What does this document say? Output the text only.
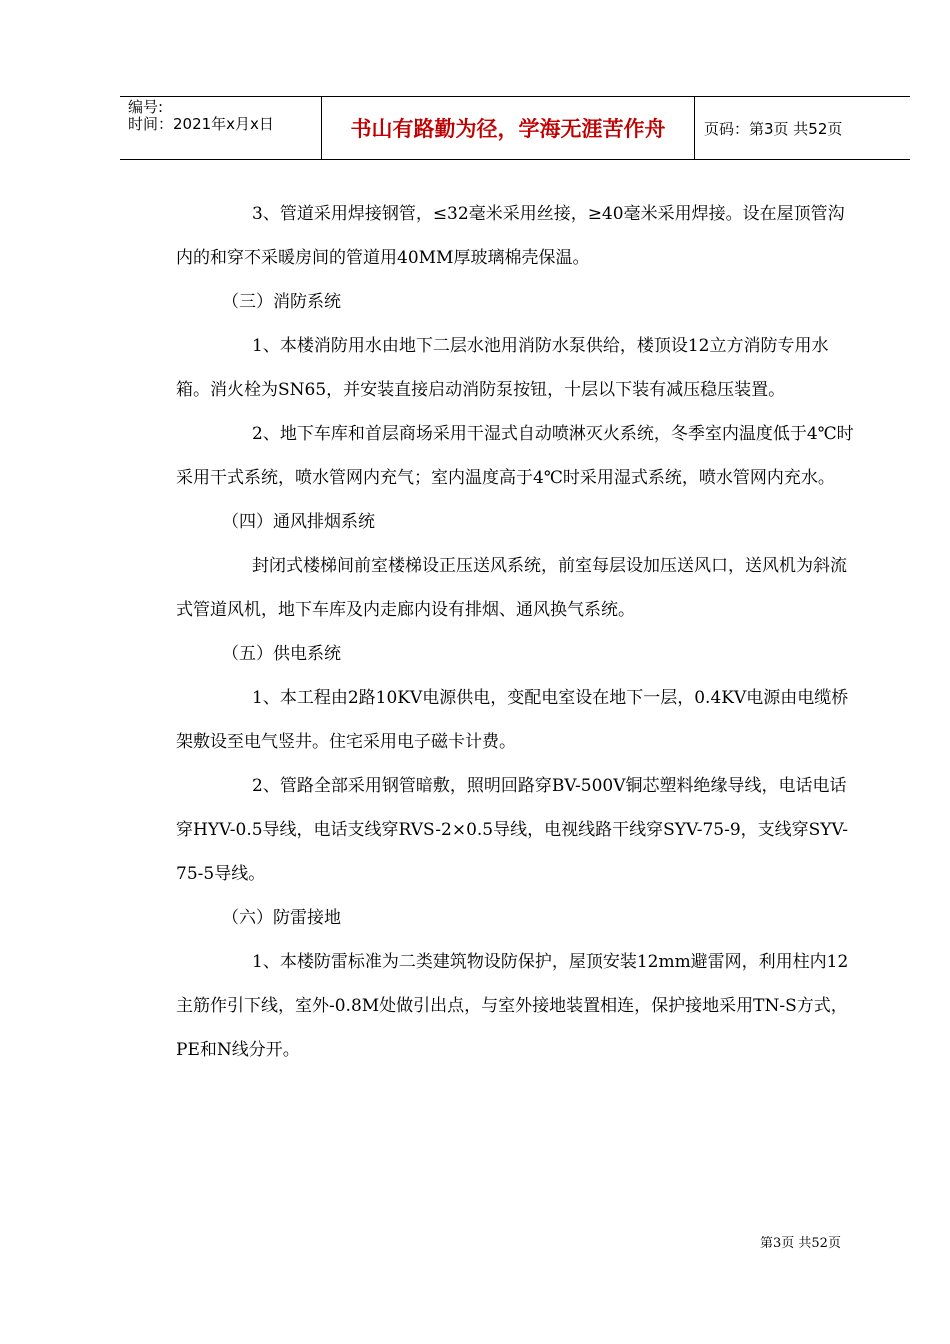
编号:
时间：2021年x月x日	书山有路勤为径，学海无涯苦作舟	页码：第3页 共52页

3、管道采用焊接钢管，≤32毫米采用丝接，≥40毫米采用焊接。设在屋顶管沟内的和穿不采暖房间的管道用40MM厚玻璃棉壳保温。

（三）消防系统

1、本楼消防用水由地下二层水池用消防水泵供给，楼顶设12立方消防专用水箱。消火栓为SN65，并安装直接启动消防泵按钮，十层以下装有减压稳压装置。

2、地下车库和首层商场采用干湿式自动喷淋灭火系统，冬季室内温度低于4℃时采用干式系统，喷水管网内充气；室内温度高于4℃时采用湿式系统，喷水管网内充水。

（四）通风排烟系统

封闭式楼梯间前室楼梯设正压送风系统，前室每层设加压送风口，送风机为斜流式管道风机，地下车库及内走廊内设有排烟、通风换气系统。

（五）供电系统

1、本工程由2路10KV电源供电，变配电室设在地下一层，0.4KV电源由电缆桥架敷设至电气竖井。住宅采用电子磁卡计费。

2、管路全部采用钢管暗敷，照明回路穿BV-500V铜芯塑料绝缘导线，电话电话穿HYV-0.5导线，电话支线穿RVS-2×0.5导线，电视线路干线穿SYV-75-9，支线穿SYV-75-5导线。

（六）防雷接地

1、本楼防雷标准为二类建筑物设防保护，屋顶安装12mm避雷网，利用柱内12主筋作引下线，室外-0.8M处做引出点，与室外接地装置相连，保护接地采用TN-S方式，PE和N线分开。

第3页 共52页
